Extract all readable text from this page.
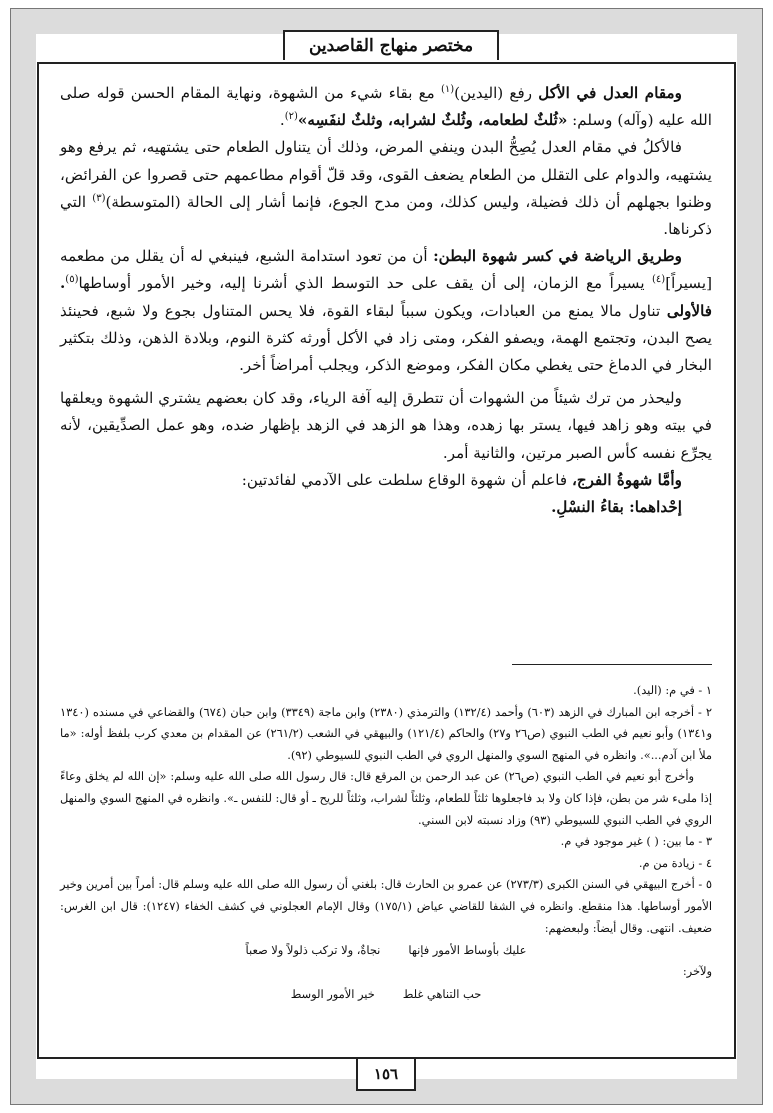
مختصر منهاج القاصدين

ومقام العدل في الأكل رفع (اليدين)$^{(١)}$ مع بقاء شيء من الشهوة، ونهاية المقام الحسن قوله صلى الله عليه (وآله) وسلم: «ثُلثٌ لطعامه، وثُلثٌ لشرابه، وثلثٌ لنفَسِه»$^{(٢)}$.

فالأكلُ في مقام العدل يُصِحُّ البدن وينفي المرض، وذلك أن يتناول الطعام حتى يشتهيه، ثم يرفع وهو يشتهيه، والدوام على التقلل من الطعام يضعف القوى، وقد قلّ أقوام مطاعمهم حتى قصروا عن الفرائض، وظنوا بجهلهم أن ذلك فضيلة، وليس كذلك، ومن مدح الجوع، فإنما أشار إلى الحالة (المتوسطة)$^{(٣)}$ التي ذكرناها.

وطريق الرياضة في كسر شهوة البطن: أن من تعود استدامة الشبع، فينبغي له أن يقلل من مطعمه [يسيراً]$^{(٤)}$ يسيراً مع الزمان، إلى أن يقف على حد التوسط الذي أشرنا إليه، وخير الأمور أوساطها$^{(٥)}$. فالأولى تناول مالا يمنع من العبادات، ويكون سبباً لبقاء القوة، فلا يحس المتناول بجوع ولا شبع، فحينئذ يصح البدن، وتجتمع الهمة، ويصفو الفكر، ومتى زاد في الأكل أورثه كثرة النوم، وبلادة الذهن، وذلك بتكثير البخار في الدماغ حتى يغطي مكان الفكر، وموضع الذكر، ويجلب أمراضاً أخر.

وليحذر من ترك شيئاً من الشهوات أن تتطرق إليه آفة الرياء، وقد كان بعضهم يشتري الشهوة ويعلقها في بيته وهو زاهد فيها، يستر بها زهده، وهذا هو الزهد في الزهد بإظهار ضده، وهو عمل الصدِّيقين، لأنه يجرِّع نفسه كأس الصبر مرتين، والثانية أمر.

وأمَّا شهوةُ الفرج، فاعلم أن شهوة الوقاع سلطت على الآدمي لفائدتين:

إحْداهما: بقاءُ النسْلِ.

١ - في م: (اليد).

٢ - أخرجه ابن المبارك في الزهد (٦٠٣) وأحمد (١٣٢/٤) والترمذي (٢٣٨٠) وابن ماجة (٣٣٤٩) وابن حبان (٦٧٤) والقضاعي في مسنده (١٣٤٠ و١٣٤١) وأبو نعيم في الطب النبوي (ص٢٦ و٢٧) والحاكم (١٢١/٤) والبيهقي في الشعب (٢٦١/٢) عن المقدام بن معدي كرب بلفظ أوله: «ما ملأ ابن آدم...». وانظره في المنهج السوي والمنهل الروي في الطب النبوي للسيوطي (٩٢).

وأخرج أبو نعيم في الطب النبوي (ص٢٦) عن عبد الرحمن بن المرقع قال: قال رسول الله صلى الله عليه وسلم: «إن الله لم يخلق وعاءً إذا ملىء شر من بطن، فإذا كان ولا بد فاجعلوها ثلثاً للطعام، وثلثاً لشراب، وثلثاً للريح ـ أو قال: للنفس ـ». وانظره في المنهج السوي والمنهل الروي في الطب النبوي للسيوطي (٩٣) وزاد نسبته لابن السني.

٣ - ما بين: ( ) غير موجود في م.

٤ - زيادة من م.

٥ - أخرج البيهقي في السنن الكبرى (٢٧٣/٣) عن عمرو بن الحارث قال: بلغني أن رسول الله صلى الله عليه وسلم قال: أمراً بين أمرين وخير الأمور أوساطها. هذا منقطع. وانظره في الشفا للقاضي عياض (١٧٥/١) وقال الإمام العجلوني في كشف الخفاء (١٢٤٧): قال ابن الغرس: ضعيف. انتهى. وقال أيضاً: ولبعضهم:

عليك بأوساط الأمور فإنها
نجاةٌ، ولا تركب ذلولاً ولا صعباً

ولآخر:

حب التناهي غلط
خير الأمور الوسط
١٥٦
